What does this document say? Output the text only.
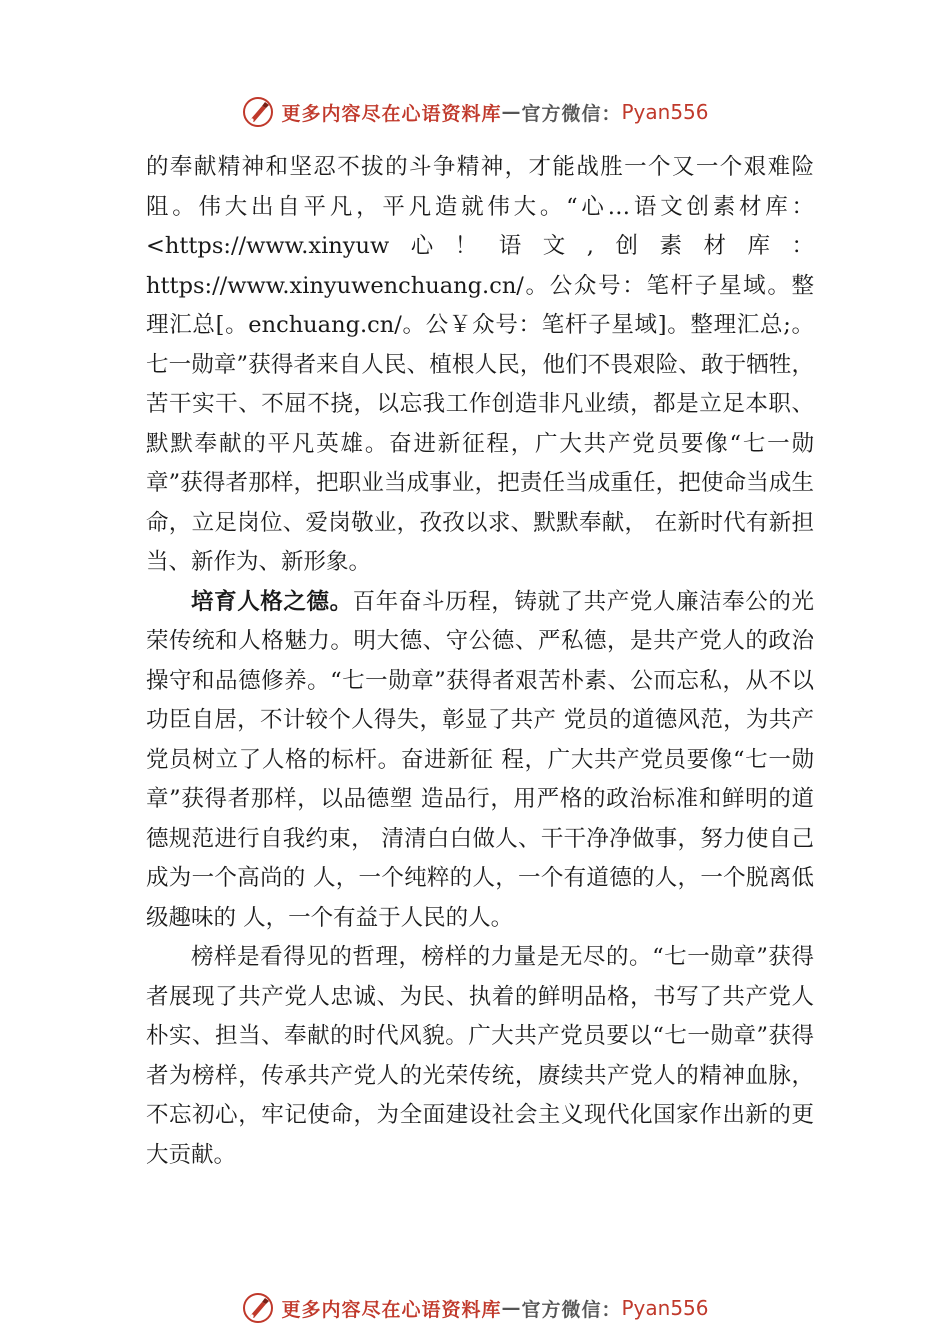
更多内容尽在心语资料库 — 官方微信： Pyan556

的奉献精神和坚忍不拔的斗争精神，才能战胜一个又一个艰难险阻。伟大出自平凡，平凡造就伟大。“心…语文创素材库：<https://www.xinyuw心！语文,创素材库：https://www.xinyuwenchuang.cn/。公众号：笔杆子星域。整理汇总[。enchuang.cn/。公￥众号：笔杆子星域]。整理汇总;。七一勋章”获得者来自人民、植根人民，他们不畏艰险、敢于牺牲，苦干实干、不屈不挠，以忘我工作创造非凡业绩，都是立足本职、默默奉献的平凡英雄。奋进新征程，广大共产党员要像“七一勋章”获得者那样，把职业当成事业，把责任当成重任，把使命当成生命，立足岗位、爱岗敬业，孜孜以求、默默奉献， 在新时代有新担当、新作为、新形象。

培育人格之德。百年奋斗历程，铸就了共产党人廉洁奉公的光荣传统和人格魅力。明大德、守公德、严私德，是共产党人的政治操守和品德修养。“七一勋章”获得者艰苦朴素、公而忘私，从不以功臣自居，不计较个人得失，彰显了共产 党员的道德风范，为共产党员树立了人格的标杆。奋进新征 程，广大共产党员要像“七一勋章”获得者那样，以品德塑 造品行，用严格的政治标准和鲜明的道德规范进行自我约束， 清清白白做人、干干净净做事，努力使自己成为一个高尚的 人，一个纯粹的人，一个有道德的人，一个脱离低级趣味的 人，一个有益于人民的人。

榜样是看得见的哲理，榜样的力量是无尽的。“七一勋章”获得者展现了共产党人忠诚、为民、执着的鲜明品格，书写了共产党人朴实、担当、奉献的时代风貌。广大共产党员要以“七一勋章”获得者为榜样，传承共产党人的光荣传统，赓续共产党人的精神血脉，不忘初心，牢记使命，为全面建设社会主义现代化国家作出新的更大贡献。

更多内容尽在心语资料库 — 官方微信： Pyan556
